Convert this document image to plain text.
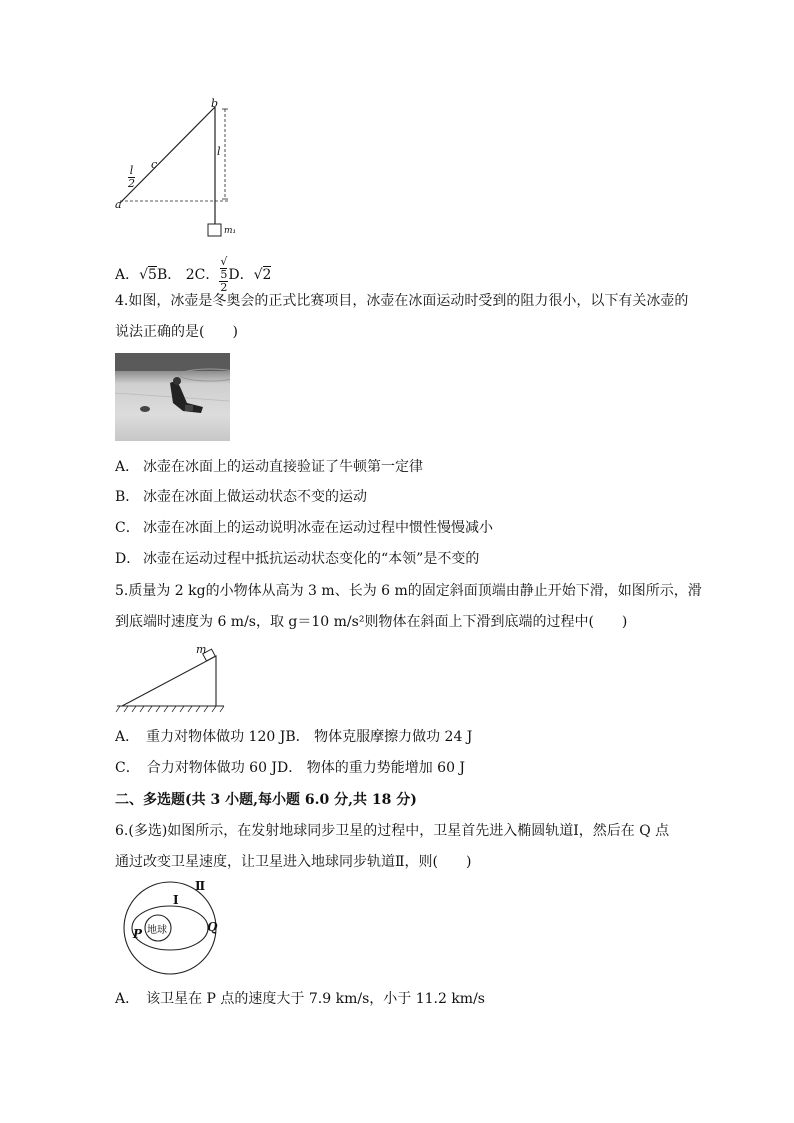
b
c
l
$\frac{l}{2}$
a
m₁
A．√5B． 2C． √
5
2 D．√2
4.如图，冰壶是冬奥会的正式比赛项目，冰壶在冰面运动时受到的阻力很小，以下有关冰壶的
说法正确的是(　　)
A． 冰壶在冰面上的运动直接验证了牛顿第一定律
B． 冰壶在冰面上做运动状态不变的运动
C． 冰壶在冰面上的运动说明冰壶在运动过程中惯性慢慢减小
D． 冰壶在运动过程中抵抗运动状态变化的“本领”是不变的
5.质量为 2 kg的小物体从高为 3 m、长为 6 m的固定斜面顶端由静止开始下滑，如图所示，滑
到底端时速度为 6 m/s，取 g＝10 m/s²则物体在斜面上下滑到底端的过程中(　　)
m
A．　重力对物体做功 120 JB． 物体克服摩擦力做功 24 J
C．　合力对物体做功 60 JD． 物体的重力势能增加 60 J
二、多选题(共 3 小题,每小题 6.0 分,共 18 分)
6.(多选)如图所示，在发射地球同步卫星的过程中，卫星首先进入椭圆轨道Ⅰ，然后在 Q 点
通过改变卫星速度，让卫星进入地球同步轨道Ⅱ，则(　　)
Ⅱ
Ⅰ
地球
P	Q
A．　该卫星在 P 点的速度大于 7.9 km/s，小于 11.2 km/s
